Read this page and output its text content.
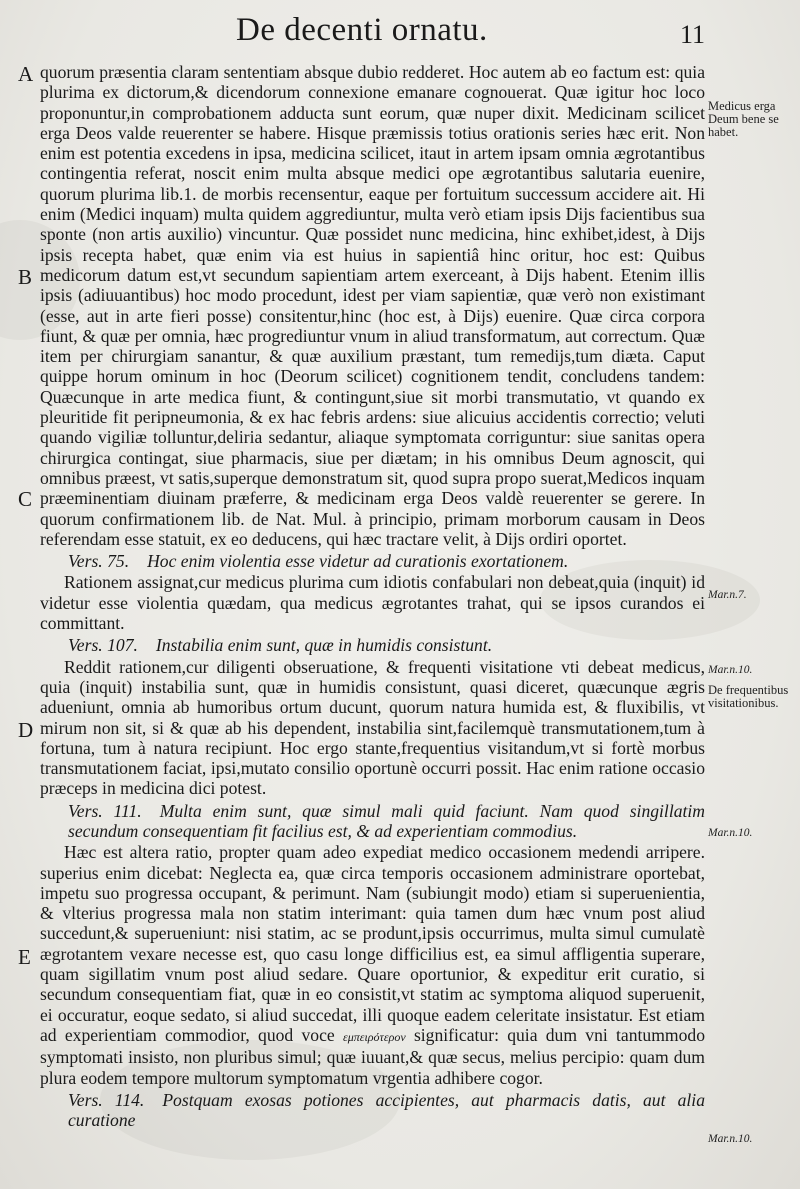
De decenti ornatu.	11
A
B
C
D
E
Medicus erga Deum bene se habet.
Mar.n.7.
Mar.n.10.
De frequentibus visitationibus.
Mar.n.10.
Mar.n.10.

quorum præsentia claram sententiam absque dubio redderet. Hoc autem ab eo factum est: quia plurima ex dictorum,& dicendorum connexione emanare cognouerat. Quæ igitur hoc loco proponuntur,in comprobationem adducta sunt eorum, quæ nuper dixit. Medicinam scilicet erga Deos valde reuerenter se habere. Hisque præmissis totius orationis series hæc erit. Non enim est potentia excedens in ipsa, medicina scilicet, itaut in artem ipsam omnia ægrotantibus contingentia referat, noscit enim multa absque medici ope ægrotantibus salutaria euenire, quorum plurima lib.1. de morbis recensentur, eaque per fortuitum successum accidere ait. Hi enim (Medici inquam) multa quidem aggrediuntur, multa verò etiam ipsis Dijs facientibus sua sponte (non artis auxilio) vincuntur. Quæ possidet nunc medicina, hinc exhibet,idest, à Dijs ipsis recepta habet, quæ enim via est huius in sapientiâ hinc oritur, hoc est: Quibus medicorum datum est,vt secundum sapientiam artem exerceant, à Dijs habent. Etenim illis ipsis (adiuuantibus) hoc modo procedunt, idest per viam sapientiæ, quæ verò non existimant (esse, aut in arte fieri posse) consitentur,hinc (hoc est, à Dijs) euenire. Quæ circa corpora fiunt, & quæ per omnia, hæc progrediuntur vnum in aliud transformatum, aut correctum. Quæ item per chirurgiam sanantur, & quæ auxilium præstant, tum remedijs,tum diæta. Caput quippe horum ominum in hoc (Deorum scilicet) cognitionem tendit, concludens tandem: Quæcunque in arte medica fiunt, & contingunt,siue sit morbi transmutatio, vt quando ex pleuritide fit peripneumonia, & ex hac febris ardens: siue alicuius accidentis correctio; veluti quando vigiliæ tolluntur,deliria sedantur, aliaque symptomata corriguntur: siue sanitas opera chirurgica contingat, siue pharmacis, siue per diætam; in his omnibus Deum agnoscit, qui omnibus præest, vt satis,superque demonstratum sit, quod supra propo suerat,Medicos inquam præeminentiam diuinam præferre, & medicinam erga Deos valdè reuerenter se gerere. In quorum confirmationem lib. de Nat. Mul. à principio, primam morborum causam in Deos referendam esse statuit, ex eo deducens, qui hæc tractare velit, à Dijs ordiri oportet.

Vers. 75. Hoc enim violentia esse videtur ad curationis exortationem.

Rationem assignat,cur medicus plurima cum idiotis confabulari non debeat,quia (inquit) id videtur esse violentia quædam, qua medicus ægrotantes trahat, qui se ipsos curandos ei committant.

Vers. 107. Instabilia enim sunt, quæ in humidis consistunt.

Reddit rationem,cur diligenti obseruatione, & frequenti visitatione vti debeat medicus, quia (inquit) instabilia sunt, quæ in humidis consistunt, quasi diceret, quæcunque ægris adueniunt, omnia ab humoribus ortum ducunt, quorum natura humida est, & fluxibilis, vt mirum non sit, si & quæ ab his dependent, instabilia sint,facilemquè transmutationem,tum à fortuna, tum à natura recipiunt. Hoc ergo stante,frequentius visitandum,vt si fortè morbus transmutationem faciat, ipsi,mutato consilio oportunè occurri possit. Hac enim ratione occasio præceps in medicina dici potest.

Vers. 111. Multa enim sunt, quæ simul mali quid faciunt. Nam quod singillatim secundum consequentiam fit facilius est, & ad experientiam commodius.

Hæc est altera ratio, propter quam adeo expediat medico occasionem medendi arripere. superius enim dicebat: Neglecta ea, quæ circa temporis occasionem administrare oportebat, impetu suo progressa occupant, & perimunt. Nam (subiungit modo) etiam si superuenientia, & vlterius progressa mala non statim interimant: quia tamen dum hæc vnum post aliud succedunt,& superueniunt: nisi statim, ac se produnt,ipsis occurrimus, multa simul cumulatè ægrotantem vexare necesse est, quo casu longe difficilius est, ea simul affligentia superare, quam sigillatim vnum post aliud sedare. Quare oportunior, & expeditur erit curatio, si secundum consequentiam fiat, quæ in eo consistit,vt statim ac symptoma aliquod superuenit, ei occuratur, eoque sedato, si aliud succedat, illi quoque eadem celeritate insistatur. Est etiam ad experientiam commodior, quod voce εμπειρότερον significatur: quia dum vni tantummodo symptomati insisto, non pluribus simul; quæ iuuant,& quæ secus, melius percipio: quam dum plura eodem tempore multorum symptomatum vrgentia adhibere cogor.

Vers. 114. Postquam exosas potiones accipientes, aut pharmacis datis, aut alia curatione
